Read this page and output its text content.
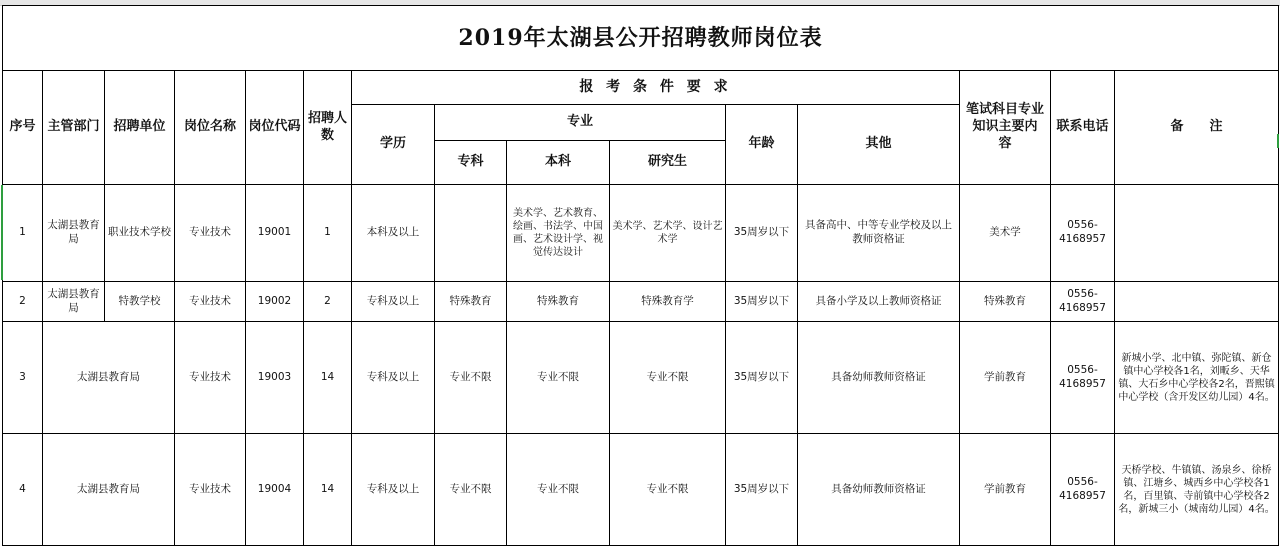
2019年太湖县公开招聘教师岗位表														
序号	主管部门	招聘单位	岗位名称	岗位代码	招聘人数	报 考 条 件 要 求						笔试科目专业知识主要内　　容	联系电话	备　　注
						学历	专业			年龄	其他			
							专科	本科	研究生					
1	太湖县教育局	职业技术学校	专业技术	19001	1	本科及以上		美术学、艺术教育、绘画、书法学、中国画、艺术设计学、视觉传达设计	美术学、艺术学、设计艺术学	35周岁以下	具备高中、中等专业学校及以上教师资格证	美术学	0556-4168957	
2	太湖县教育局	特教学校	专业技术	19002	2	专科及以上	特殊教育	特殊教育	特殊教育学	35周岁以下	具备小学及以上教师资格证	特殊教育	0556-4168957	
3	太湖县教育局		专业技术	19003	14	专科及以上	专业不限	专业不限	专业不限	35周岁以下	具备幼师教师资格证	学前教育	0556-4168957	新城小学、北中镇、弥陀镇、新仓镇中心学校各1名，刘畈乡、天华镇、大石乡中心学校各2名，晋熙镇中心学校（含开发区幼儿园）4名。
4	太湖县教育局		专业技术	19004	14	专科及以上	专业不限	专业不限	专业不限	35周岁以下	具备幼师教师资格证	学前教育	0556-4168957	天桥学校、牛镇镇、汤泉乡、徐桥镇、江塘乡、城西乡中心学校各1名，百里镇、寺前镇中心学校各2名，新城三小（城南幼儿园）4名。
